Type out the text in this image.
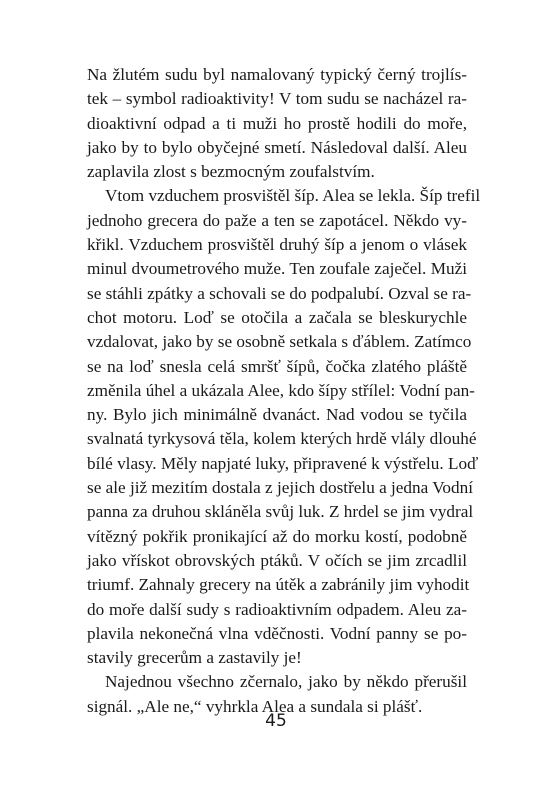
Na žlutém sudu byl namalovaný typický černý trojlís-
tek – symbol radioaktivity! V tom sudu se nacházel ra-
dioaktivní odpad a ti muži ho prostě hodili do moře,
jako by to bylo obyčejné smetí. Následoval další. Aleu
zaplavila zlost s bezmocným zoufalstvím.
Vtom vzduchem prosvištěl šíp. Alea se lekla. Šíp trefil
jednoho grecera do paže a ten se zapotácel. Někdo vy-
křikl. Vzduchem prosvištěl druhý šíp a jenom o vlásek
minul dvoumetrového muže. Ten zoufale zaječel. Muži
se stáhli zpátky a schovali se do podpalubí. Ozval se ra-
chot motoru. Loď se otočila a začala se bleskurychle
vzdalovat, jako by se osobně setkala s ďáblem. Zatímco
se na loď snesla celá smršť šípů, čočka zlatého pláště
změnila úhel a ukázala Alee, kdo šípy střílel: Vodní pan-
ny. Bylo jich minimálně dvanáct. Nad vodou se tyčila
svalnatá tyrkysová těla, kolem kterých hrdě vlály dlouhé
bílé vlasy. Měly napjaté luky, připravené k výstřelu. Loď
se ale již mezitím dostala z jejich dostřelu a jedna Vodní
panna za druhou skláněla svůj luk. Z hrdel se jim vydral
vítězný pokřik pronikající až do morku kostí, podobně
jako vřískot obrovských ptáků. V očích se jim zrcadlil
triumf. Zahnaly grecery na útěk a zabránily jim vyhodit
do moře další sudy s radioaktivním odpadem. Aleu za-
plavila nekonečná vlna vděčnosti. Vodní panny se po-
stavily grecerům a zastavily je!
Najednou všechno zčernalo, jako by někdo přerušil
signál. „Ale ne,“ vyhrkla Alea a sundala si plášť.
45
